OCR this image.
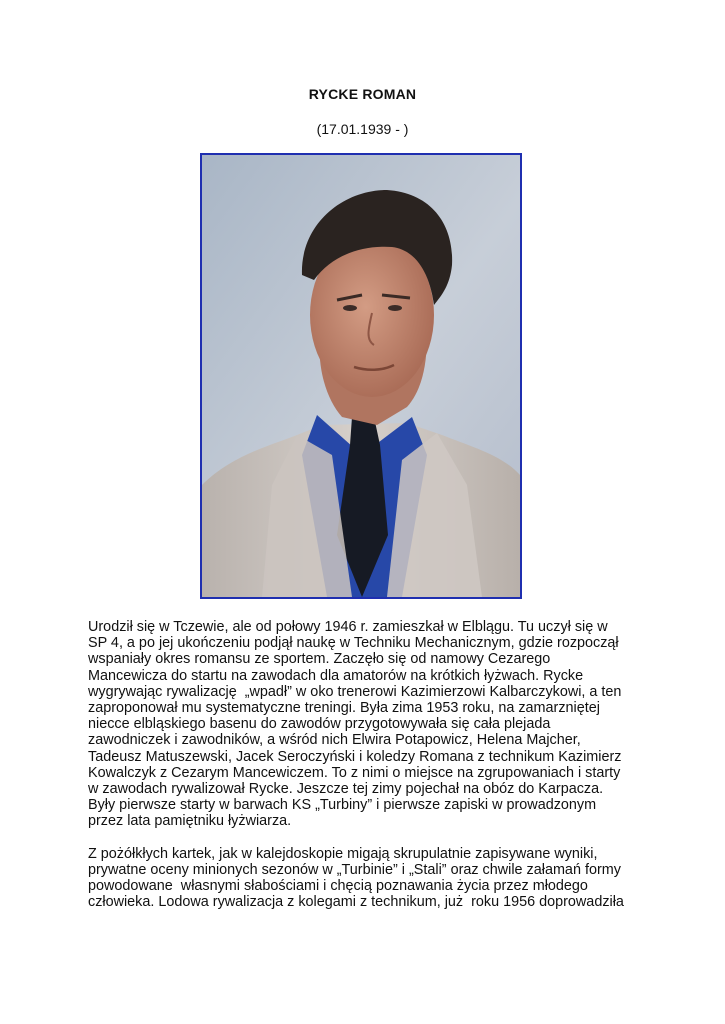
RYCKE ROMAN
(17.01.1939 - )

Urodził się w Tczewie, ale od połowy 1946 r. zamieszkał w Elblągu. Tu uczył się w
SP 4, a po jej ukończeniu podjął naukę w Techniku Mechanicznym, gdzie rozpoczął
wspaniały okres romansu ze sportem. Zaczęło się od namowy Cezarego
Mancewicza do startu na zawodach dla amatorów na krótkich łyżwach. Rycke
wygrywając rywalizację  „wpadł” w oko trenerowi Kazimierzowi Kalbarczykowi, a ten
zaproponował mu systematyczne treningi. Była zima 1953 roku, na zamarzniętej
niecce elbląskiego basenu do zawodów przygotowywała się cała plejada
zawodniczek i zawodników, a wśród nich Elwira Potapowicz, Helena Majcher,
Tadeusz Matuszewski, Jacek Seroczyński i koledzy Romana z technikum Kazimierz
Kowalczyk z Cezarym Mancewiczem. To z nimi o miejsce na zgrupowaniach i starty
w zawodach rywalizował Rycke. Jeszcze tej zimy pojechał na obóz do Karpacza.
Były pierwsze starty w barwach KS „Turbiny” i pierwsze zapiski w prowadzonym
przez lata pamiętniku łyżwiarza.

Z pożółkłych kartek, jak w kalejdoskopie migają skrupulatnie zapisywane wyniki,
prywatne oceny minionych sezonów w „Turbinie” i „Stali” oraz chwile załamań formy
powodowane  własnymi słabościami i chęcią poznawania życia przez młodego
człowieka. Lodowa rywalizacja z kolegami z technikum, już  roku 1956 doprowadziła
